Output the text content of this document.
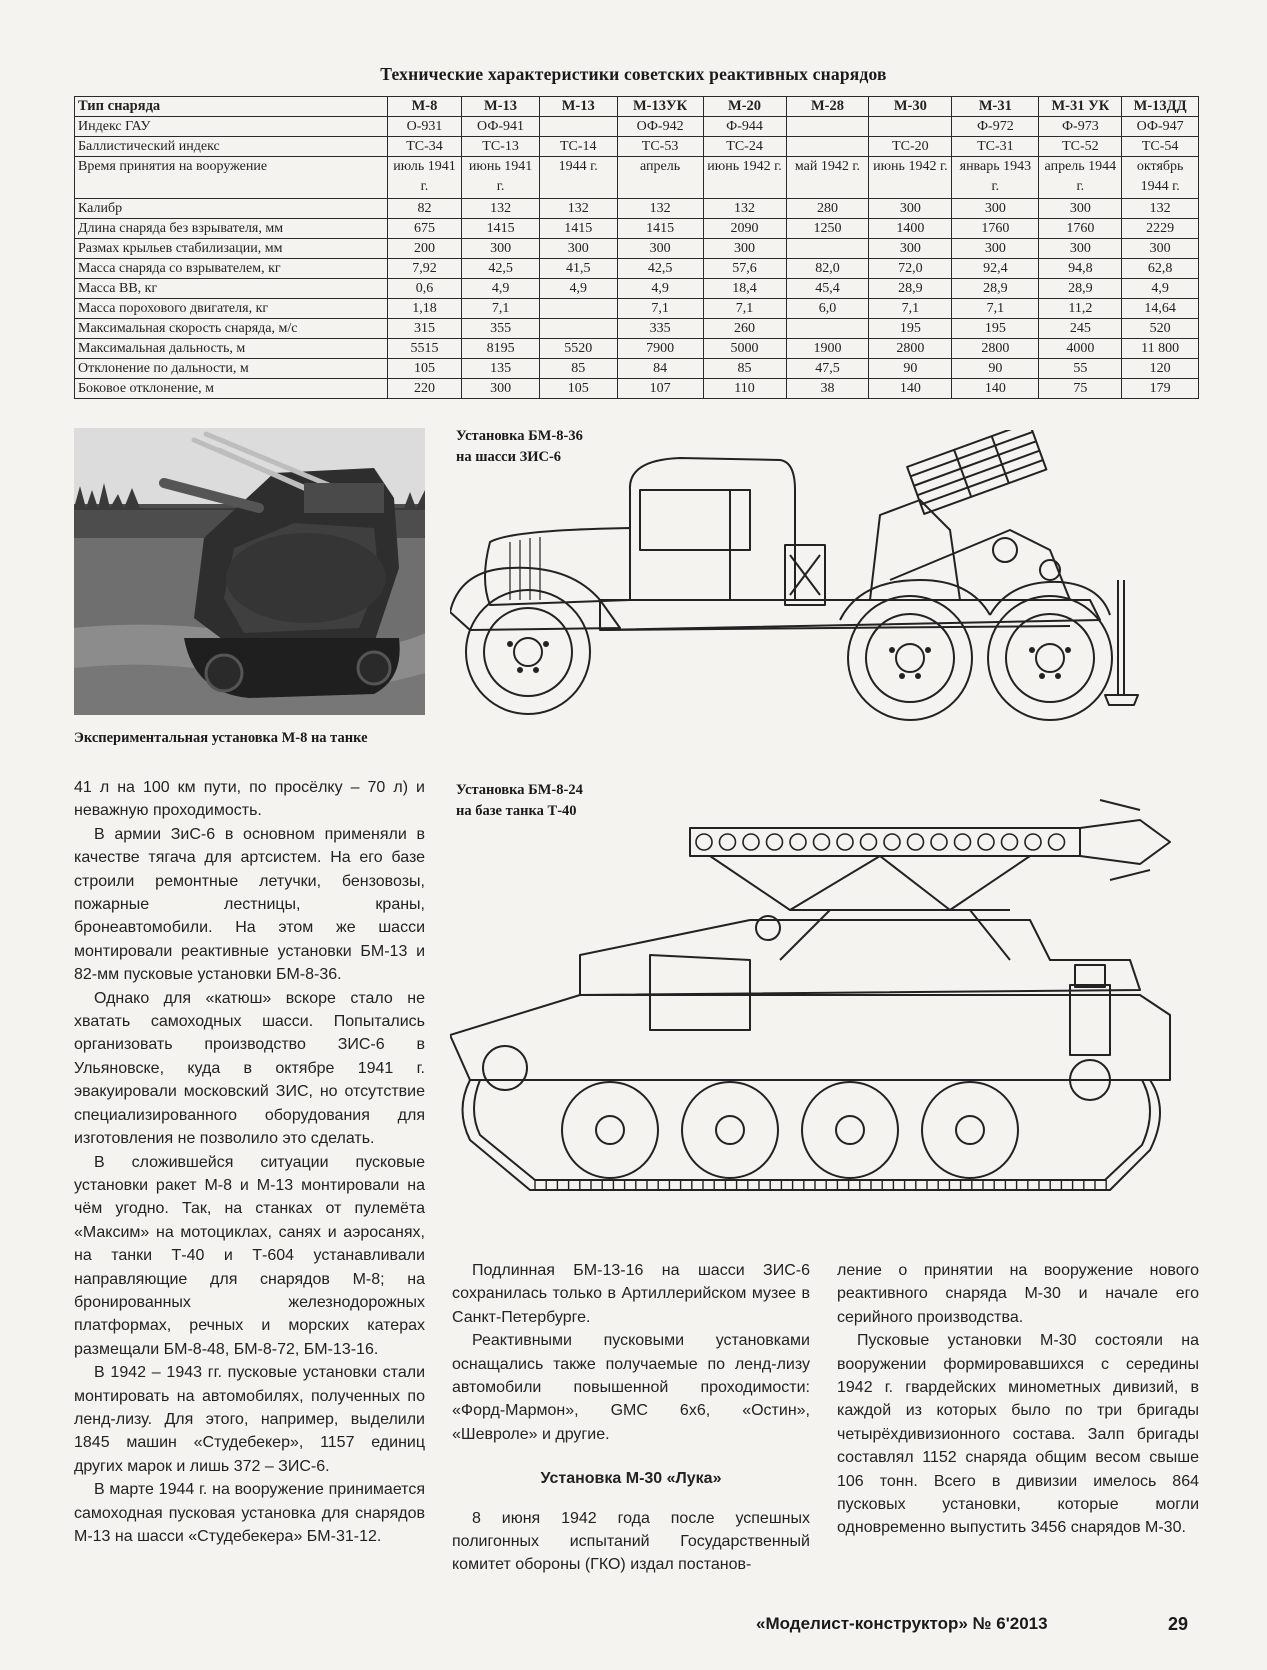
Технические характеристики советских реактивных снарядов
Тип снаряда	М-8	М-13	М-13	М-13УК	М-20	М-28	М-30	М-31	М-31 УК	М-13ДД
Индекс ГАУ	О-931	ОФ-941		ОФ-942	Ф-944			Ф-972	Ф-973	ОФ-947
Баллистический индекс	ТС-34	ТС-13	ТС-14	ТС-53	ТС-24		ТС-20	ТС-31	ТС-52	ТС-54
Время принятия на вооружение	июль 1941 г.	июнь 1941 г.	1944 г.	апрель	июнь 1942 г.	май 1942 г.	июнь 1942 г.	январь 1943 г.	апрель 1944 г.	октябрь 1944 г.
Калибр	82	132	132	132	132	280	300	300	300	132
Длина снаряда без взрывателя, мм	675	1415	1415	1415	2090	1250	1400	1760	1760	2229
Размах крыльев стабилизации, мм	200	300	300	300	300		300	300	300	300
Масса снаряда со взрывателем, кг	7,92	42,5	41,5	42,5	57,6	82,0	72,0	92,4	94,8	62,8
Масса ВВ, кг	0,6	4,9	4,9	4,9	18,4	45,4	28,9	28,9	28,9	4,9
Масса порохового двигателя, кг	1,18	7,1		7,1	7,1	6,0	7,1	7,1	11,2	14,64
Максимальная скорость снаряда, м/с	315	355		335	260		195	195	245	520
Максимальная дальность, м	5515	8195	5520	7900	5000	1900	2800	2800	4000	11 800
Отклонение по дальности, м	105	135	85	84	85	47,5	90	90	55	120
Боковое отклонение, м	220	300	105	107	110	38	140	140	75	179
Экспериментальная установка М-8 на танке
Установка БМ-8-36
на шасси ЗИС-6
Установка БМ-8-24
на базе танка Т-40

41 л на 100 км пути, по просёлку – 70 л) и неважную проходимость.

В армии ЗиС-6 в основном применяли в качестве тягача для артсистем. На его базе строили ремонтные летучки, бензовозы, пожарные лестницы, краны, бронеавтомобили. На этом же шасси монтировали реактивные установки БМ-13 и 82-мм пусковые установки БМ-8-36.

Однако для «катюш» вскоре стало не хватать самоходных шасси. Попытались организовать производство ЗИС-6 в Ульяновске, куда в октябре 1941 г. эвакуировали московский ЗИС, но отсутствие специализированного оборудования для изготовления не позволило это сделать.

В сложившейся ситуации пусковые установки ракет М-8 и М-13 монтировали на чём угодно. Так, на станках от пулемёта «Максим» на мотоциклах, санях и аэросанях, на танки Т-40 и Т-604 устанавливали направляющие для снарядов М-8; на бронированных железнодорожных платформах, речных и морских катерах размещали БМ-8-48, БМ-8-72, БМ-13-16.

В 1942 – 1943 гг. пусковые установки стали монтировать на автомобилях, полученных по ленд-лизу. Для этого, например, выделили 1845 машин «Студебекер», 1157 единиц других марок и лишь 372 – ЗИС-6.

В марте 1944 г. на вооружение принимается самоходная пусковая установка для снарядов М-13 на шасси «Студебекера» БМ-31-12.

Подлинная БМ-13-16 на шасси ЗИС-6 сохранилась только в Артиллерийском музее в Санкт-Петербурге.

Реактивными пусковыми установками оснащались также получаемые по ленд-лизу автомобили повышенной проходимости: «Форд-Мармон», GMC 6x6, «Остин», «Шевроле» и другие.

Установка М-30 «Лука»

8 июня 1942 года после успешных полигонных испытаний Государственный комитет обороны (ГКО) издал постанов-

ление о принятии на вооружение нового реактивного снаряда М-30 и начале его серийного производства.

Пусковые установки М-30 состояли на вооружении формировавшихся с середины 1942 г. гвардейских минометных дивизий, в каждой из которых было по три бригады четырёхдивизионного состава. Залп бригады составлял 1152 снаряда общим весом свыше 106 тонн. Всего в дивизии имелось 864 пусковых установки, которые могли одновременно выпустить 3456 снарядов М-30.

«Моделист-конструктор» № 6'2013	29
